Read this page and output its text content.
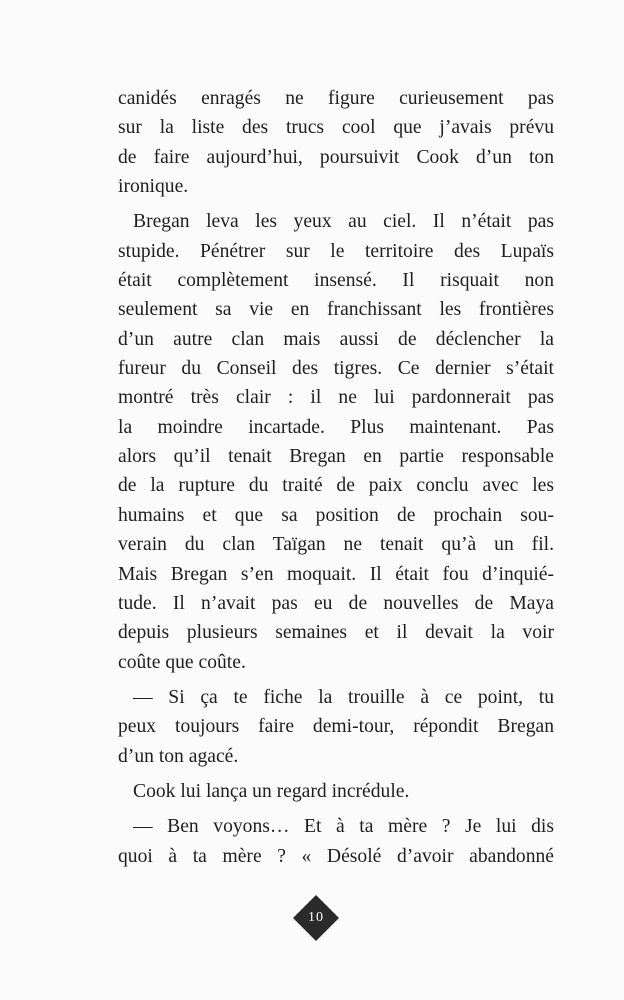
canidés enragés ne figure curieusement pas
sur la liste des trucs cool que j’avais prévu
de faire aujourd’hui, poursuivit Cook d’un ton
ironique.

Bregan leva les yeux au ciel. Il n’était pas
stupide. Pénétrer sur le territoire des Lupaïs
était complètement insensé. Il risquait non
seulement sa vie en franchissant les frontières
d’un autre clan mais aussi de déclencher la
fureur du Conseil des tigres. Ce dernier s’était
montré très clair : il ne lui pardonnerait pas
la moindre incartade. Plus maintenant. Pas
alors qu’il tenait Bregan en partie responsable
de la rupture du traité de paix conclu avec les
humains et que sa position de prochain sou-
verain du clan Taïgan ne tenait qu’à un fil.
Mais Bregan s’en moquait. Il était fou d’inquié-
tude. Il n’avait pas eu de nouvelles de Maya
depuis plusieurs semaines et il devait la voir
coûte que coûte.

— Si ça te fiche la trouille à ce point, tu
peux toujours faire demi-tour, répondit Bregan
d’un ton agacé.

Cook lui lança un regard incrédule.

— Ben voyons… Et à ta mère ? Je lui dis
quoi à ta mère ? « Désolé d’avoir abandonné

10
